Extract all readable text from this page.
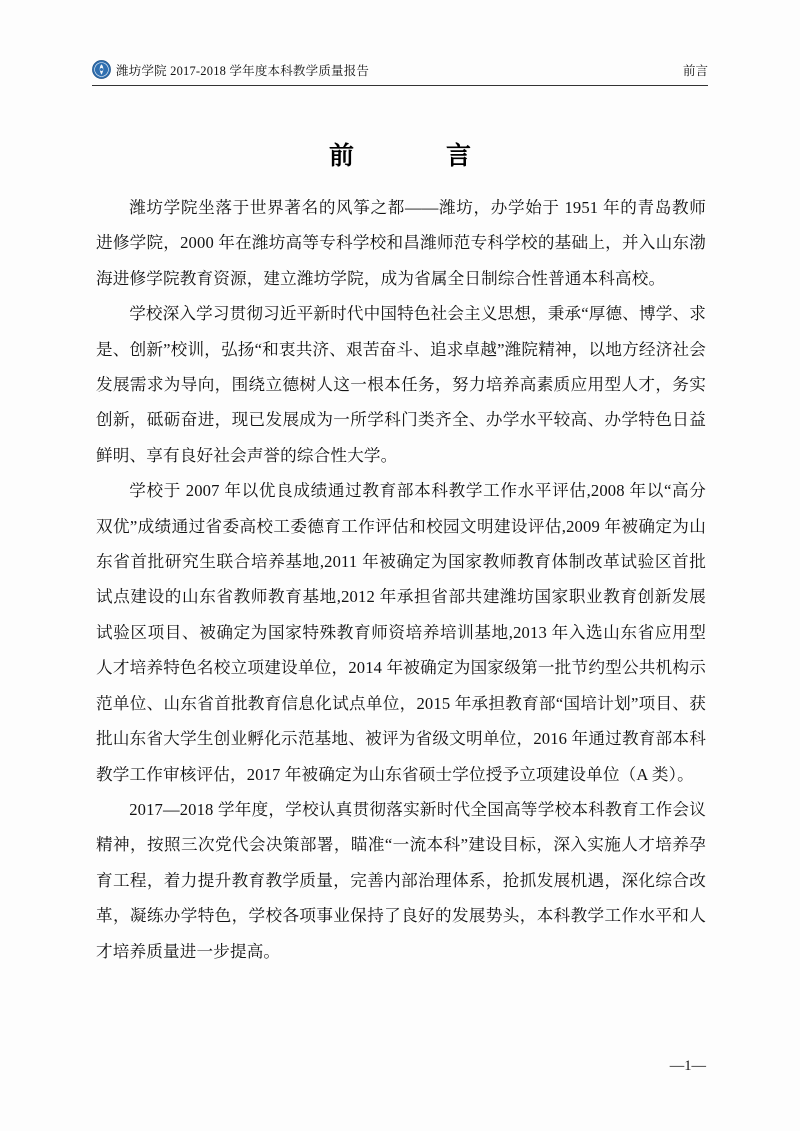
潍坊学院 2017-2018 学年度本科教学质量报告	前言
前　　言

潍坊学院坐落于世界著名的风筝之都——潍坊，办学始于 1951 年的青岛教师进修学院，2000 年在潍坊高等专科学校和昌潍师范专科学校的基础上，并入山东渤海进修学院教育资源，建立潍坊学院，成为省属全日制综合性普通本科高校。

学校深入学习贯彻习近平新时代中国特色社会主义思想，秉承“厚德、博学、求是、创新”校训，弘扬“和衷共济、艰苦奋斗、追求卓越”潍院精神，以地方经济社会发展需求为导向，围绕立德树人这一根本任务，努力培养高素质应用型人才，务实创新，砥砺奋进，现已发展成为一所学科门类齐全、办学水平较高、办学特色日益鲜明、享有良好社会声誉的综合性大学。

学校于 2007 年以优良成绩通过教育部本科教学工作水平评估,2008 年以“高分双优”成绩通过省委高校工委德育工作评估和校园文明建设评估,2009 年被确定为山东省首批研究生联合培养基地,2011 年被确定为国家教师教育体制改革试验区首批试点建设的山东省教师教育基地,2012 年承担省部共建潍坊国家职业教育创新发展试验区项目、被确定为国家特殊教育师资培养培训基地,2013 年入选山东省应用型人才培养特色名校立项建设单位，2014 年被确定为国家级第一批节约型公共机构示范单位、山东省首批教育信息化试点单位，2015 年承担教育部“国培计划”项目、获批山东省大学生创业孵化示范基地、被评为省级文明单位，2016 年通过教育部本科教学工作审核评估，2017 年被确定为山东省硕士学位授予立项建设单位（A 类）。

2017—2018 学年度，学校认真贯彻落实新时代全国高等学校本科教育工作会议精神，按照三次党代会决策部署，瞄准“一流本科”建设目标，深入实施人才培养孕育工程，着力提升教育教学质量，完善内部治理体系，抢抓发展机遇，深化综合改革，凝练办学特色，学校各项事业保持了良好的发展势头，本科教学工作水平和人才培养质量进一步提高。

—1—
